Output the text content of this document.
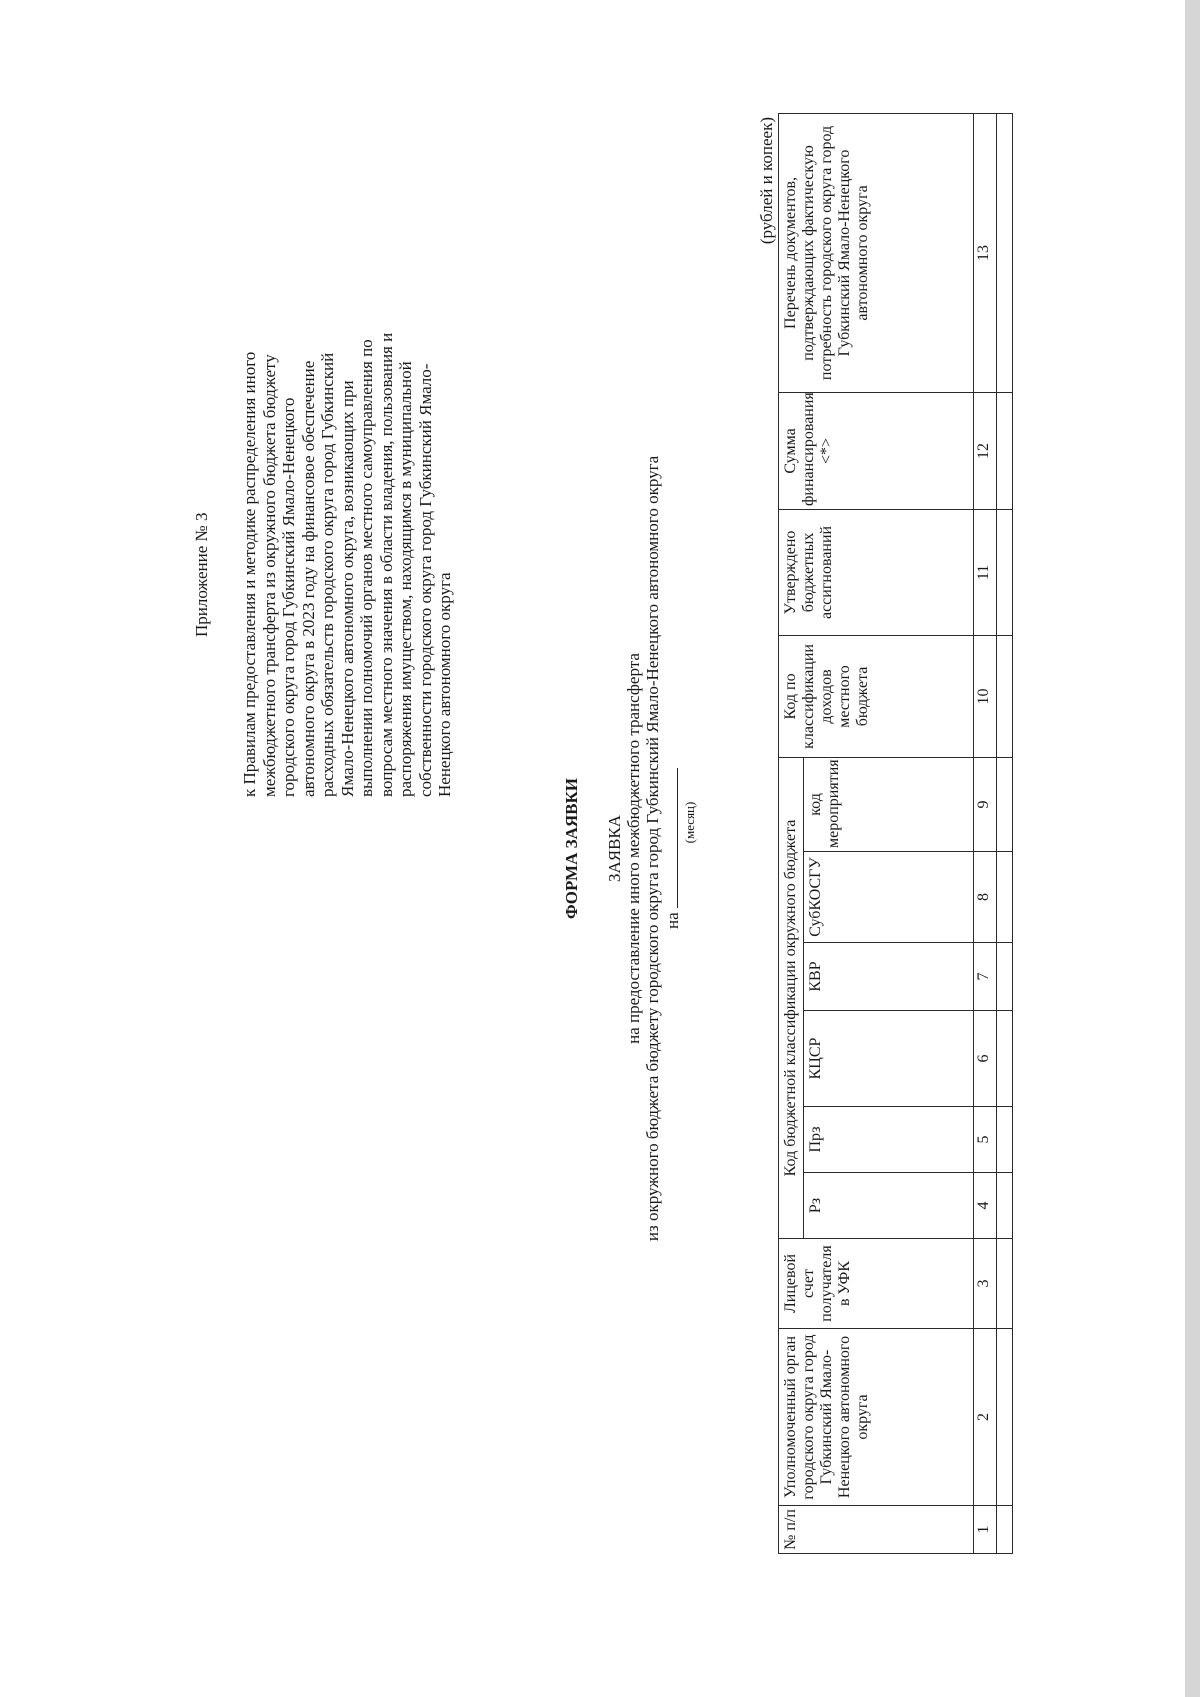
Приложение № 3 к Правилам предоставления и методике распределения иного межбюджетного трансферта из окружного бюджета бюджету городского округа город Губкинский Ямало-Ненецкого автономного округа в 2023 году на финансовое обеспечение расходных обязательств городского округа город Губкинский Ямало-Ненецкого автономного округа, возникающих при выполнении полномочий органов местного самоуправления по вопросам местного значения в области владения, пользования и распоряжения имуществом, находящимся в муниципальной собственности городского округа город Губкинский Ямало-Ненецкого автономного округа
ФОРМА ЗАЯВКИ ЗАЯВКА на предоставление иного межбюджетного трансферта из окружного бюджета бюджету городского округа город Губкинский Ямало-Ненецкого автономного округа на
(месяц)
(рублей и копеек)
№ п/п	Уполномоченный орган городского округа город Губкинский Ямало-Ненецкого автономного округа	Лицевой счет получателя в УФК	Код бюджетной классификации окружного бюджета						Код по классификации доходов местного бюджета	Утверждено бюджетных ассигнований	Сумма финансирования <*>	Перечень документов, подтверждающих фактическую потребность городского округа город Губкинский Ямало-Ненецкого автономного округа
			Рз	Прз	КЦСР	КВР	СубКОСГУ	код мероприятия				
1	2	3	4	5	6	7	8	9	10	11	12	13
